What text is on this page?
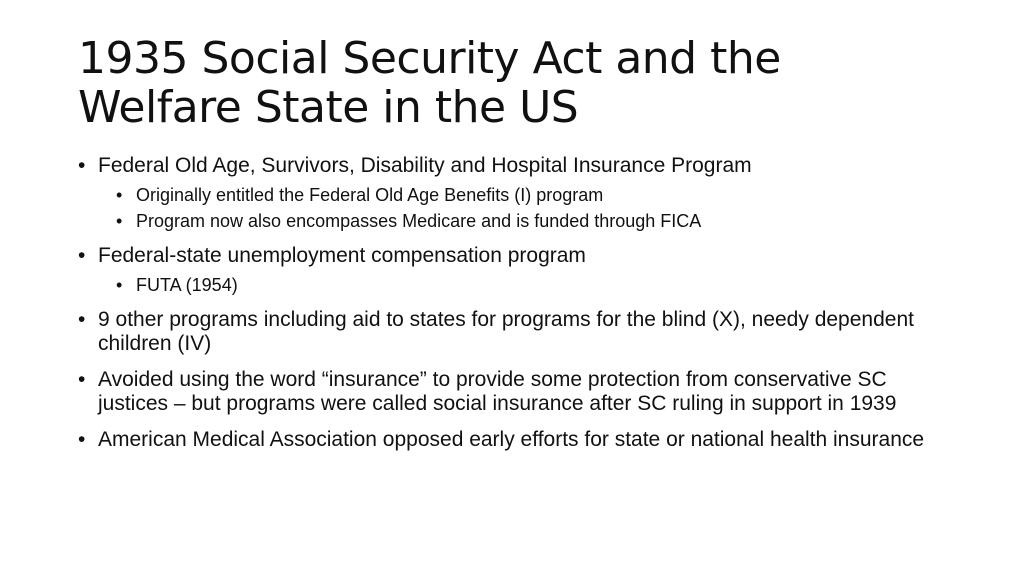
1935 Social Security Act and the
Welfare State in the US
• Federal Old Age, Survivors, Disability and Hospital Insurance Program
• Originally entitled the Federal Old Age Benefits (I) program
• Program now also encompasses Medicare and is funded through FICA
• Federal-state unemployment compensation program
• FUTA (1954)
• 9 other programs including aid to states for programs for the blind (X), needy dependent children (IV)
• Avoided using the word “insurance” to provide some protection from conservative SC justices – but programs were called social insurance after SC ruling in support in 1939
• American Medical Association opposed early efforts for state or national health insurance
